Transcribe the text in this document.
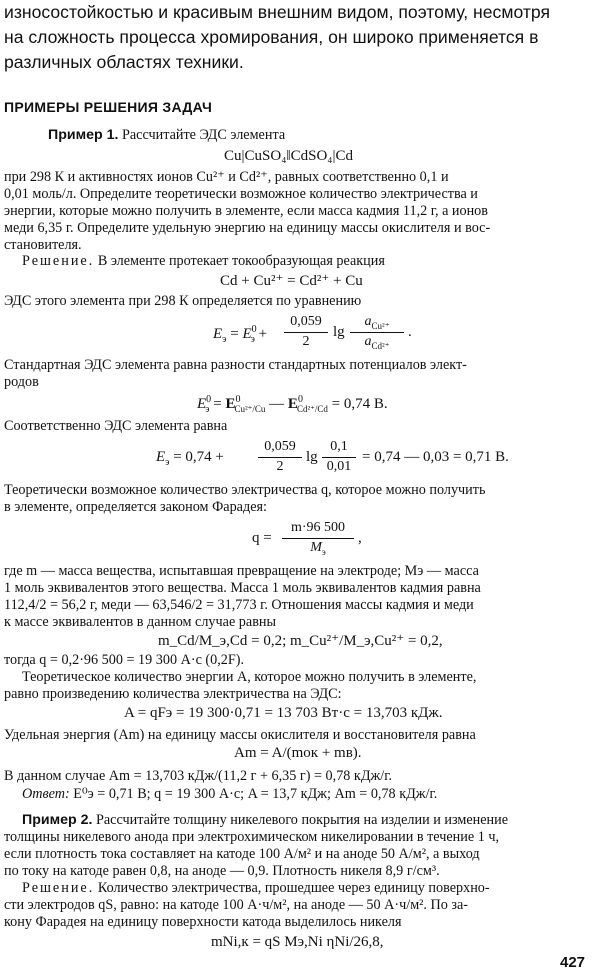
износостойкостью и красивым внешним видом, поэтому, несмотря
на сложность процесса хромирования, он широко применяется в
различных областях техники.
ПРИМЕРЫ РЕШЕНИЯ ЗАДАЧ
Пример 1. Рассчитайте ЭДС элемента
Cu|CuSO₄‖CdSO₄|Cd
при 298 К и активностях ионов Cu²⁺ и Cd²⁺, равных соответственно 0,1 и
0,01 моль/л. Определите теоретически возможное количество электричества и
энергии, которые можно получить в элементе, если масса кадмия 11,2 г, а ионов
меди 6,35 г. Определите удельную энергию на единицу массы окислителя и вос-
становителя.
Решение. В элементе протекает токообразующая реакция
Cd + Cu²⁺ = Cd²⁺ + Cu
ЭДС этого элемента при 298 К определяется по уравнению
$E_э = E^0_э$ +
0,059
2
lg
$a_{Cu^{2+}}$
$a_{Cd^{2+}}$
.
Стандартная ЭДС элемента равна разности стандартных потенциалов элект-
родов
$E^0_э = E^0_{Cu^{2+}/Cu}$ — $E^0_{Cd^{2+}/Cd} = 0,74$ В.
Соответственно ЭДС элемента равна
$E_э = 0,74$ +
0,059
2
lg
0,1
0,01
= 0,74 — 0,03 = 0,71 В.
Теоретически возможное количество электричества q, которое можно получить
в элементе, определяется законом Фарадея:
q =
m·96 500
$M_э$
,
где m — масса вещества, испытавшая превращение на электроде; Mэ — масса
1 моль эквивалентов этого вещества. Масса 1 моль эквивалентов кадмия равна
112,4/2 = 56,2 г, меди — 63,546/2 = 31,773 г. Отношения массы кадмия и меди
к массе эквивалентов в данном случае равны
m_Cd/M_э,Cd = 0,2; m_Cu²⁺/M_э,Cu²⁺ = 0,2,
тогда q = 0,2·96 500 = 19 300 А·с (0,2F).
Теоретическое количество энергии A, которое можно получить в элементе,
равно произведению количества электричества на ЭДС:
A = qFэ = 19 300·0,71 = 13 703 Вт·с = 13,703 кДж.
Удельная энергия (Am) на единицу массы окислителя и восстановителя равна
Am = A/(mок + mв).
В данном случае Am = 13,703 кДж/(11,2 г + 6,35 г) = 0,78 кДж/г.
Ответ: E⁰э = 0,71 В; q = 19 300 А·с; A = 13,7 кДж; Am = 0,78 кДж/г.
Пример 2. Рассчитайте толщину никелевого покрытия на изделии и изменение
толщины никелевого анода при электрохимическом никелировании в течение 1 ч,
если плотность тока составляет на катоде 100 А/м² и на аноде 50 А/м², а выход
по току на катоде равен 0,8, на аноде — 0,9. Плотность никеля 8,9 г/см³.
Решение. Количество электричества, прошедшее через единицу поверхно-
сти электродов qS, равно: на катоде 100 А·ч/м², на аноде — 50 А·ч/м². По за-
кону Фарадея на единицу поверхности катода выделилось никеля
mNi,к = qS Mэ,Ni ηNi/26,8,
427
